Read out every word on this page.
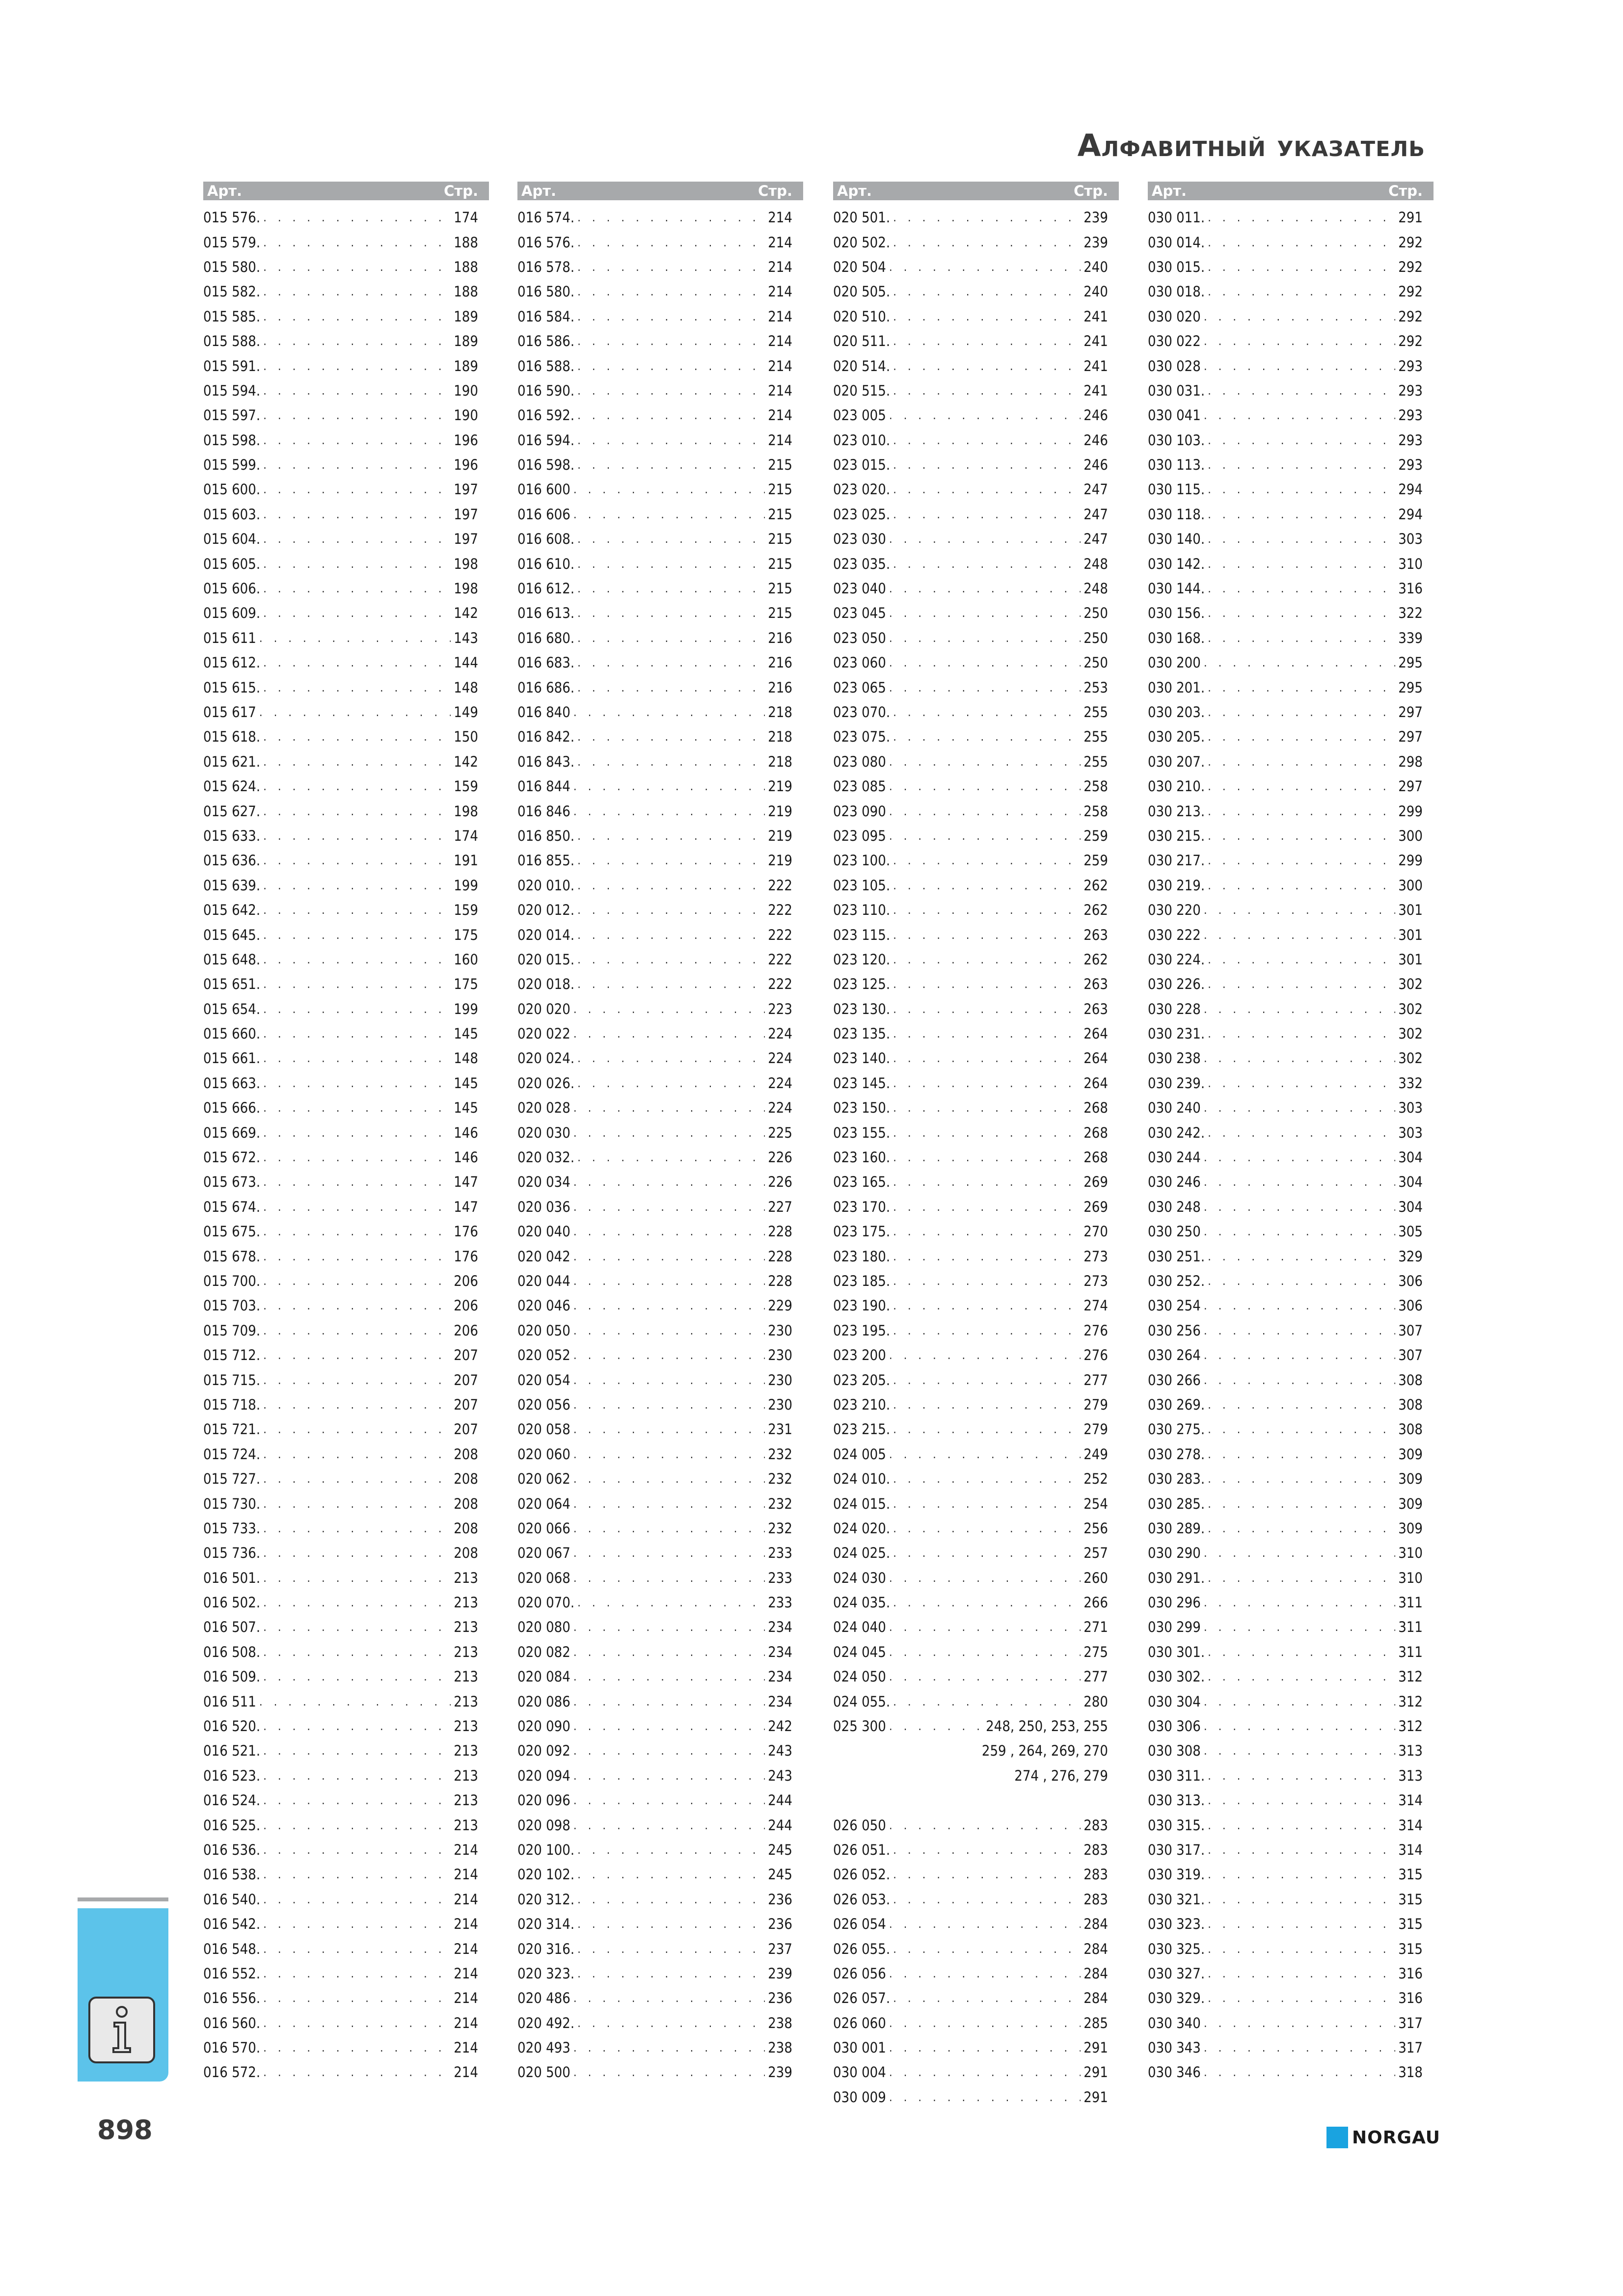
Алфавитный указатель
Арт.	Стр.
015 576. . . .	174
015 579. . . .	188
015 580. . . .	188
015 582. . . .	188
015 585. . . .	189
015 588. . . .	189
015 591. . . .	189
015 594. . . .	190
015 597. . . .	190
015 598. . . .	196
015 599. . . .	196
015 600. . . .	197
015 603. . . .	197
015 604. . . .	197
015 605. . . .	198
015 606. . . .	198
015 609. . . .	142
015 611 . . .	143
015 612. . . .	144
015 615. . . .	148
015 617 . . .	149
015 618. . . .	150
015 621. . . .	142
015 624. . . .	159
015 627. . . .	198
015 633. . . .	174
015 636. . . .	191
015 639. . . .	199
015 642. . . .	159
015 645. . . .	175
015 648. . . .	160
015 651. . . .	175
015 654. . . .	199
015 660. . . .	145
015 661. . . .	148
015 663. . . .	145
015 666. . . .	145
015 669. . . .	146
015 672. . . .	146
015 673. . . .	147
015 674. . . .	147
015 675. . . .	176
015 678. . . .	176
015 700. . . .	206
015 703. . . .	206
015 709. . . .	206
015 712. . . .	207
015 715. . . .	207
015 718. . . .	207
015 721. . . .	207
015 724. . . .	208
015 727. . . .	208
015 730. . . .	208
015 733. . . .	208
015 736. . . .	208
016 501. . . .	213
016 502. . . .	213
016 507. . . .	213
016 508. . . .	213
016 509. . . .	213
016 511 . . .	213
016 520. . . .	213
016 521. . . .	213
016 523. . . .	213
016 524. . . .	213
016 525. . . .	213
016 536. . . .	214
016 538. . . .	214
016 540. . . .	214
016 542. . . .	214
016 548. . . .	214
016 552. . . .	214
016 556. . . .	214
016 560. . . .	214
016 570. . . .	214
016 572. . . .	214
Арт.	Стр.
016 574. . . .	214
016 576. . . .	214
016 578. . . .	214
016 580. . . .	214
016 584. . . .	214
016 586. . . .	214
016 588. . . .	214
016 590. . . .	214
016 592. . . .	214
016 594. . . .	214
016 598. . . .	215
016 600 . . .	215
016 606 . . .	215
016 608. . . .	215
016 610. . . .	215
016 612. . . .	215
016 613. . . .	215
016 680. . . .	216
016 683. . . .	216
016 686. . . .	216
016 840 . . .	218
016 842. . . .	218
016 843. . . .	218
016 844 . . .	219
016 846 . . .	219
016 850. . . .	219
016 855. . . .	219
020 010. . . .	222
020 012. . . .	222
020 014. . . .	222
020 015. . . .	222
020 018. . . .	222
020 020 . . .	223
020 022 . . .	224
020 024. . . .	224
020 026. . . .	224
020 028 . . .	224
020 030 . . .	225
020 032. . . .	226
020 034 . . .	226
020 036 . . .	227
020 040 . . .	228
020 042 . . .	228
020 044 . . .	228
020 046 . . .	229
020 050 . . .	230
020 052 . . .	230
020 054 . . .	230
020 056 . . .	230
020 058 . . .	231
020 060 . . .	232
020 062 . . .	232
020 064 . . .	232
020 066 . . .	232
020 067 . . .	233
020 068 . . .	233
020 070. . . .	233
020 080 . . .	234
020 082 . . .	234
020 084 . . .	234
020 086 . . .	234
020 090 . . .	242
020 092 . . .	243
020 094 . . .	243
020 096 . . .	244
020 098 . . .	244
020 100. . . .	245
020 102. . . .	245
020 312. . . .	236
020 314. . . .	236
020 316. . . .	237
020 323. . . .	239
020 486 . . .	236
020 492. . . .	238
020 493 . . .	238
020 500 . . .	239
Арт.	Стр.
020 501. . . .	239
020 502. . . .	239
020 504 . . .	240
020 505. . . .	240
020 510. . . .	241
020 511. . . .	241
020 514. . . .	241
020 515. . . .	241
023 005 . . .	246
023 010. . . .	246
023 015. . . .	246
023 020. . . .	247
023 025. . . .	247
023 030 . . .	247
023 035. . . .	248
023 040 . . .	248
023 045 . . .	250
023 050 . . .	250
023 060 . . .	250
023 065 . . .	253
023 070. . . .	255
023 075. . . .	255
023 080 . . .	255
023 085 . . .	258
023 090 . . .	258
023 095 . . .	259
023 100. . . .	259
023 105. . . .	262
023 110. . . .	262
023 115. . . .	263
023 120. . . .	262
023 125. . . .	263
023 130. . . .	263
023 135. . . .	264
023 140. . . .	264
023 145. . . .	264
023 150. . . .	268
023 155. . . .	268
023 160. . . .	268
023 165. . . .	269
023 170. . . .	269
023 175. . . .	270
023 180. . . .	273
023 185. . . .	273
023 190. . . .	274
023 195. . . .	276
023 200 . . .	276
023 205. . . .	277
023 210. . . .	279
023 215. . . .	279
024 005 . . .	249
024 010. . . .	252
024 015. . . .	254
024 020. . . .	256
024 025. . . .	257
024 030 . . .	260
024 035. . . .	266
024 040 . . .	271
024 045 . . .	275
024 050 . . .	277
024 055. . . .	280
025 300 . . .	248, 250, 253, 255
259 , 264, 269, 270
274 , 276, 279
026 050 . . .	283
026 051. . . .	283
026 052. . . .	283
026 053. . . .	283
026 054 . . .	284
026 055. . . .	284
026 056 . . .	284
026 057. . . .	284
026 060 . . .	285
030 001 . . .	291
030 004 . . .	291
030 009 . . .	291
Арт.	Стр.
030 011. . . .	291
030 014. . . .	292
030 015. . . .	292
030 018. . . .	292
030 020 . . .	292
030 022 . . .	292
030 028 . . .	293
030 031. . . .	293
030 041 . . .	293
030 103. . . .	293
030 113. . . .	293
030 115. . . .	294
030 118. . . .	294
030 140. . . .	303
030 142. . . .	310
030 144. . . .	316
030 156. . . .	322
030 168. . . .	339
030 200 . . .	295
030 201. . . .	295
030 203. . . .	297
030 205. . . .	297
030 207. . . .	298
030 210. . . .	297
030 213. . . .	299
030 215. . . .	300
030 217. . . .	299
030 219. . . .	300
030 220 . . .	301
030 222 . . .	301
030 224. . . .	301
030 226. . . .	302
030 228 . . .	302
030 231. . . .	302
030 238 . . .	302
030 239. . . .	332
030 240 . . .	303
030 242. . . .	303
030 244 . . .	304
030 246 . . .	304
030 248 . . .	304
030 250 . . .	305
030 251. . . .	329
030 252. . . .	306
030 254 . . .	306
030 256 . . .	307
030 264 . . .	307
030 266 . . .	308
030 269. . . .	308
030 275. . . .	308
030 278. . . .	309
030 283. . . .	309
030 285. . . .	309
030 289. . . .	309
030 290 . . .	310
030 291. . . .	310
030 296 . . .	311
030 299 . . .	311
030 301. . . .	311
030 302. . . .	312
030 304 . . .	312
030 306 . . .	312
030 308 . . .	313
030 311. . . .	313
030 313. . . .	314
030 315. . . .	314
030 317. . . .	314
030 319. . . .	315
030 321. . . .	315
030 323. . . .	315
030 325. . . .	315
030 327. . . .	316
030 329. . . .	316
030 340 . . .	317
030 343 . . .	317
030 346 . . .	318
898	NORGAU
